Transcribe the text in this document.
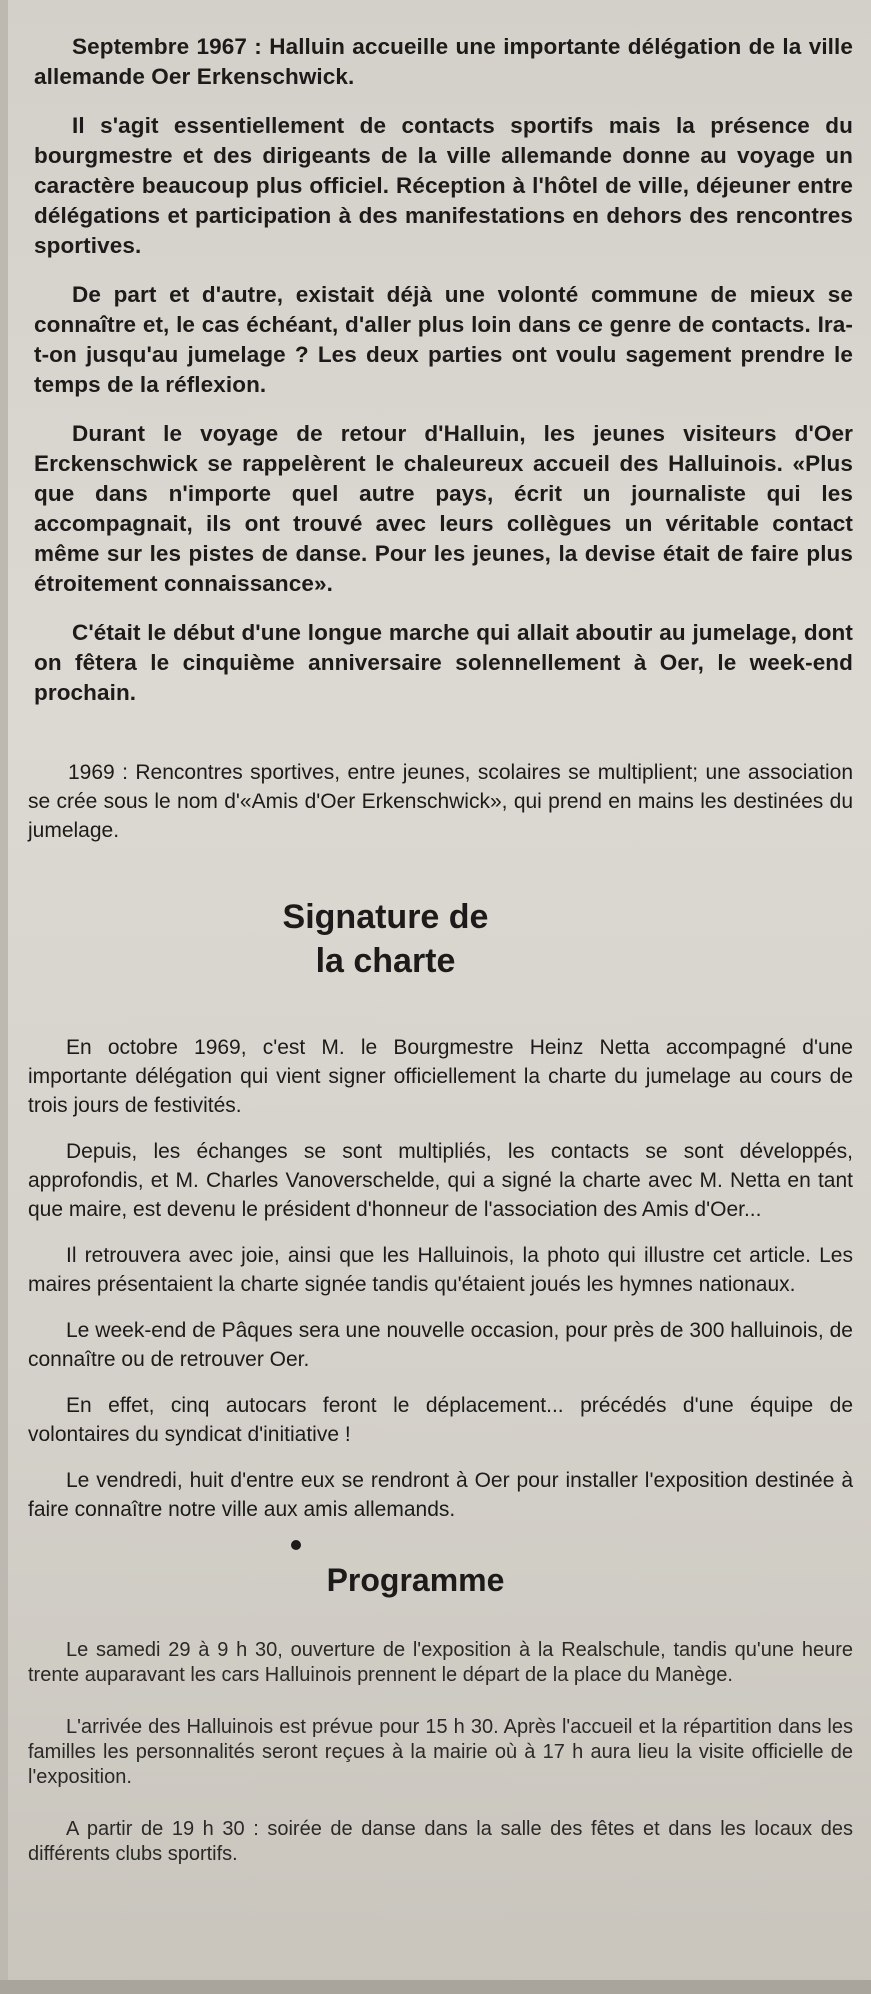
Septembre 1967 : Halluin accueille une importante délégation de la ville allemande Oer Erkenschwick.

Il s'agit essentiellement de contacts sportifs mais la présence du bourgmestre et des dirigeants de la ville allemande donne au voyage un caractère beaucoup plus officiel. Réception à l'hôtel de ville, déjeuner entre délégations et participation à des manifestations en dehors des rencontres sportives.

De part et d'autre, existait déjà une volonté commune de mieux se connaître et, le cas échéant, d'aller plus loin dans ce genre de contacts. Ira-t-on jusqu'au jumelage ? Les deux parties ont voulu sagement prendre le temps de la réflexion.

Durant le voyage de retour d'Halluin, les jeunes visiteurs d'Oer Erckenschwick se rappelèrent le chaleureux accueil des Halluinois. «Plus que dans n'importe quel autre pays, écrit un journaliste qui les accompagnait, ils ont trouvé avec leurs collègues un véritable contact même sur les pistes de danse. Pour les jeunes, la devise était de faire plus étroitement connaissance».

C'était le début d'une longue marche qui allait aboutir au jumelage, dont on fêtera le cinquième anniversaire solennellement à Oer, le week-end prochain.

1969 : Rencontres sportives, entre jeunes, scolaires se multiplient; une association se crée sous le nom d'«Amis d'Oer Erkenschwick», qui prend en mains les destinées du jumelage.

Signature de
la charte

En octobre 1969, c'est M. le Bourgmestre Heinz Netta accompagné d'une importante délégation qui vient signer officiellement la charte du jumelage au cours de trois jours de festivités.

Depuis, les échanges se sont multipliés, les contacts se sont développés, approfondis, et M. Charles Vanoverschelde, qui a signé la charte avec M. Netta en tant que maire, est devenu le président d'honneur de l'association des Amis d'Oer...

Il retrouvera avec joie, ainsi que les Halluinois, la photo qui illustre cet article. Les maires présentaient la charte signée tandis qu'étaient joués les hymnes nationaux.

Le week-end de Pâques sera une nouvelle occasion, pour près de 300 halluinois, de connaître ou de retrouver Oer.

En effet, cinq autocars feront le déplacement... précédés d'une équipe de volontaires du syndicat d'initiative !

Le vendredi, huit d'entre eux se rendront à Oer pour installer l'exposition destinée à faire connaître notre ville aux amis allemands.

Programme

Le samedi 29 à 9 h 30, ouverture de l'exposition à la Realschule, tandis qu'une heure trente auparavant les cars Halluinois prennent le départ de la place du Manège.

L'arrivée des Halluinois est prévue pour 15 h 30. Après l'accueil et la répartition dans les familles les personnalités seront reçues à la mairie où à 17 h aura lieu la visite officielle de l'exposition.

A partir de 19 h 30 : soirée de danse dans la salle des fêtes et dans les locaux des différents clubs sportifs.
